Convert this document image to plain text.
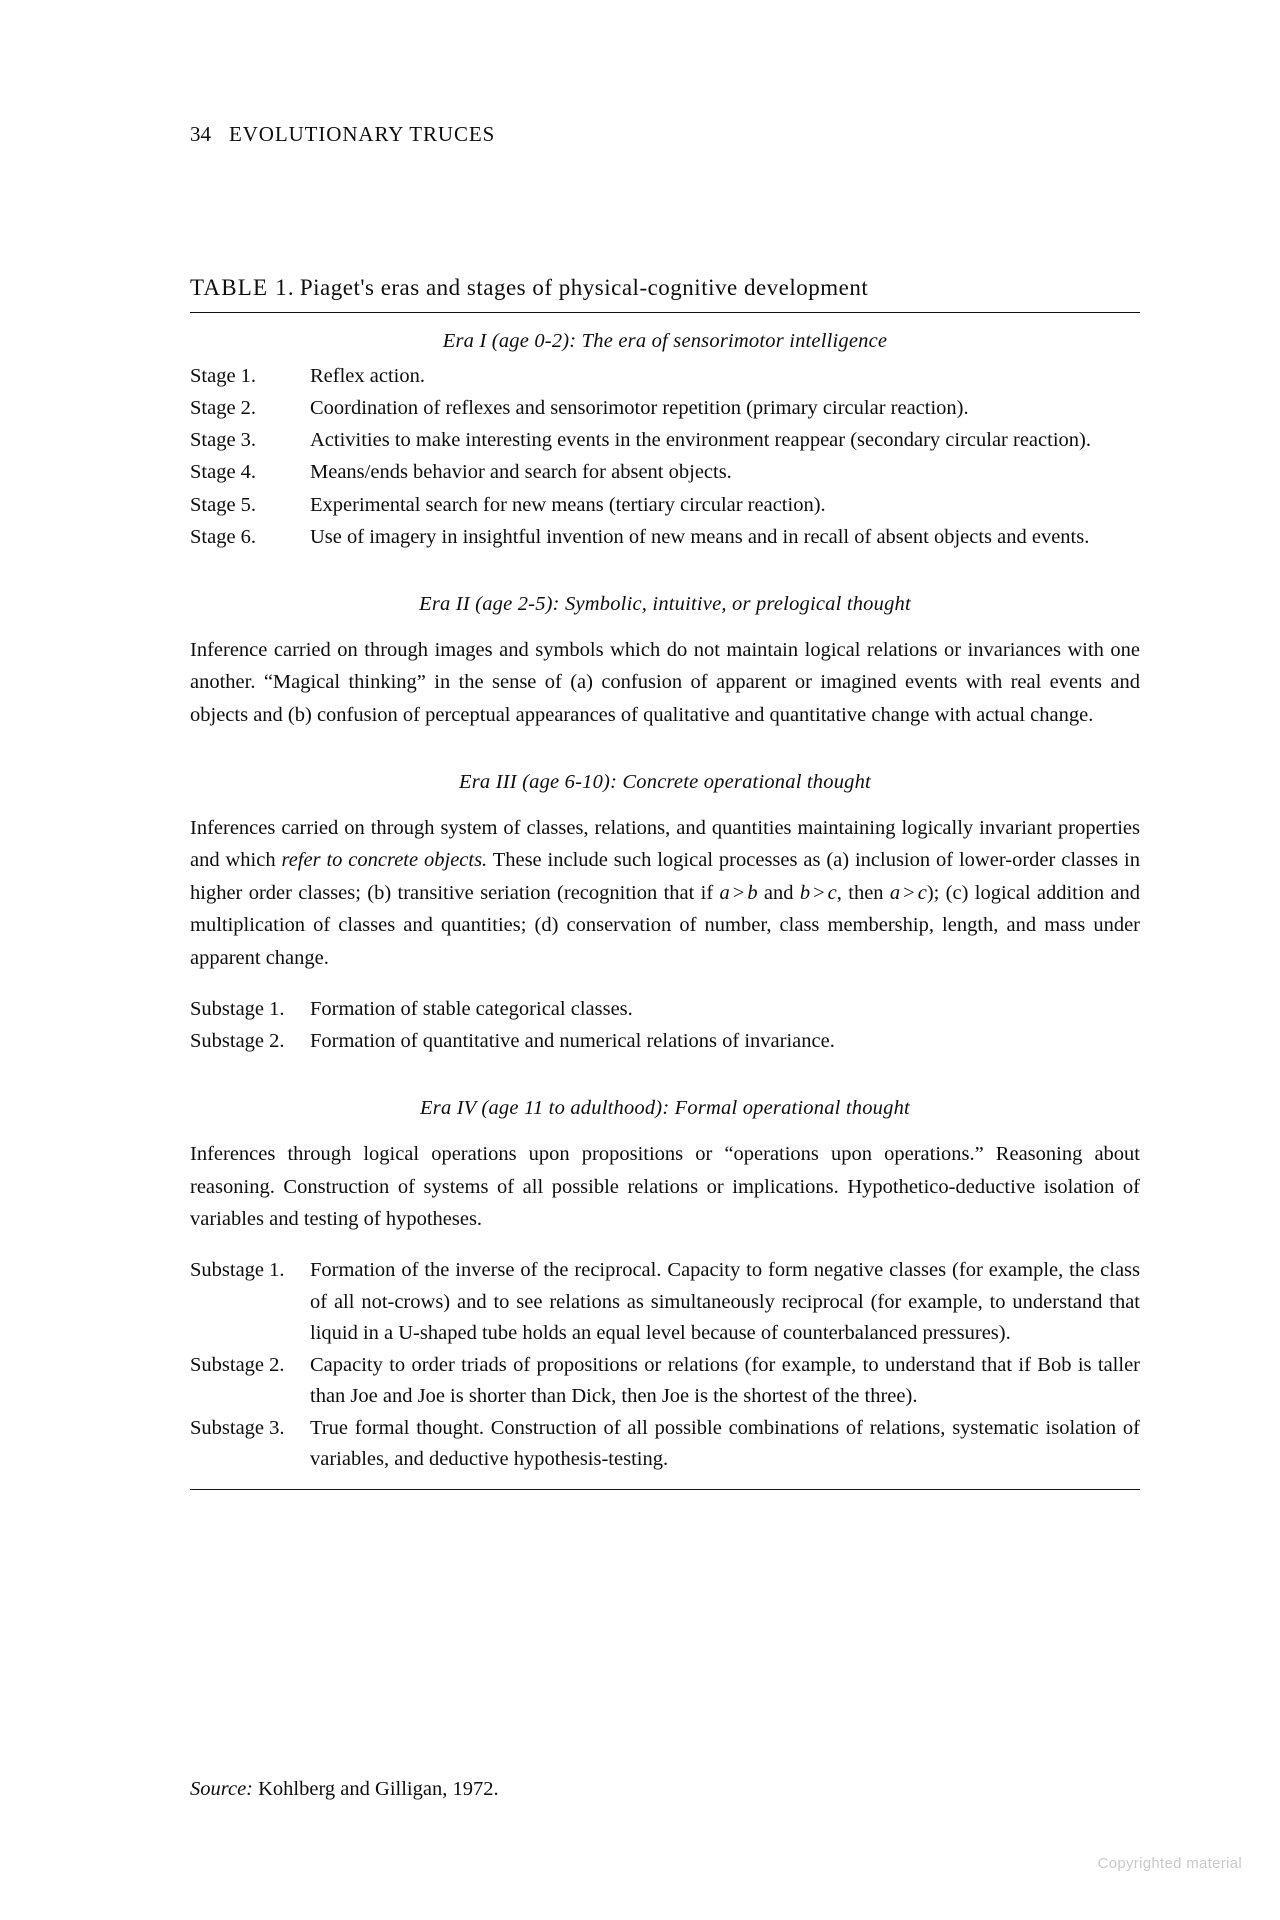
34 EVOLUTIONARY TRUCES
TABLE 1. Piaget's eras and stages of physical-cognitive development
Era I (age 0-2): The era of sensorimotor intelligence
Stage 1.	Reflex action.
Stage 2.	Coordination of reflexes and sensorimotor repetition (primary circular reaction).
Stage 3.	Activities to make interesting events in the environment reappear (secondary circular reaction).
Stage 4.	Means/ends behavior and search for absent objects.
Stage 5.	Experimental search for new means (tertiary circular reaction).
Stage 6.	Use of imagery in insightful invention of new means and in recall of absent objects and events.
Era II (age 2-5): Symbolic, intuitive, or prelogical thought
Inference carried on through images and symbols which do not maintain logical relations or invariances with one another. “Magical thinking” in the sense of (a) confusion of apparent or imagined events with real events and objects and (b) confusion of perceptual appearances of qualitative and quantitative change with actual change.
Era III (age 6-10): Concrete operational thought
Inferences carried on through system of classes, relations, and quantities maintaining logically invariant properties and which refer to concrete objects. These include such logical processes as (a) inclusion of lower-order classes in higher order classes; (b) transitive seriation (recognition that if a > b and b > c, then a > c); (c) logical addition and multiplication of classes and quantities; (d) conservation of number, class membership, length, and mass under apparent change.
Substage 1.	Formation of stable categorical classes.
Substage 2.	Formation of quantitative and numerical relations of invariance.
Era IV (age 11 to adulthood): Formal operational thought
Inferences through logical operations upon propositions or “operations upon operations.” Reasoning about reasoning. Construction of systems of all possible relations or implications. Hypothetico-deductive isolation of variables and testing of hypotheses.
Substage 1.	Formation of the inverse of the reciprocal. Capacity to form negative classes (for example, the class of all not-crows) and to see relations as simultaneously reciprocal (for example, to understand that liquid in a U-shaped tube holds an equal level because of counterbalanced pressures).
Substage 2.	Capacity to order triads of propositions or relations (for example, to understand that if Bob is taller than Joe and Joe is shorter than Dick, then Joe is the shortest of the three).
Substage 3.	True formal thought. Construction of all possible combinations of relations, systematic isolation of variables, and deductive hypothesis-testing.
Source: Kohlberg and Gilligan, 1972.
Copyrighted material
